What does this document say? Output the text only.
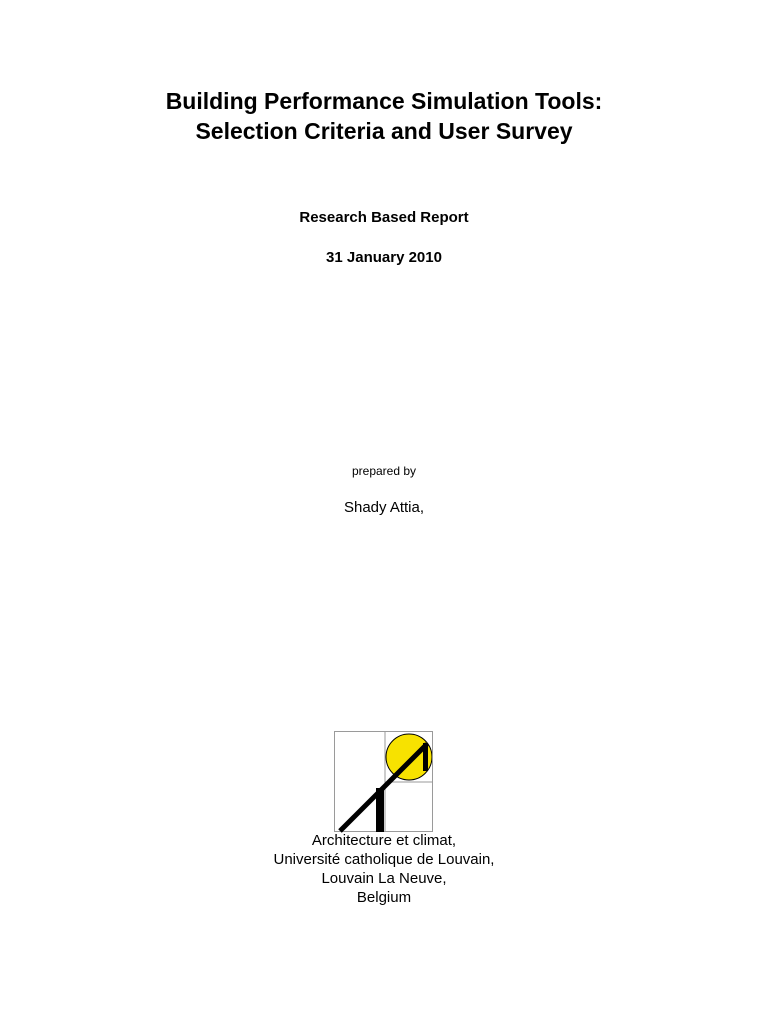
Building Performance Simulation Tools:
Selection Criteria and User Survey
Research Based Report
31 January 2010
prepared by
Shady Attia,
Architecture et climat,
Université catholique de Louvain,
Louvain La Neuve,
Belgium
